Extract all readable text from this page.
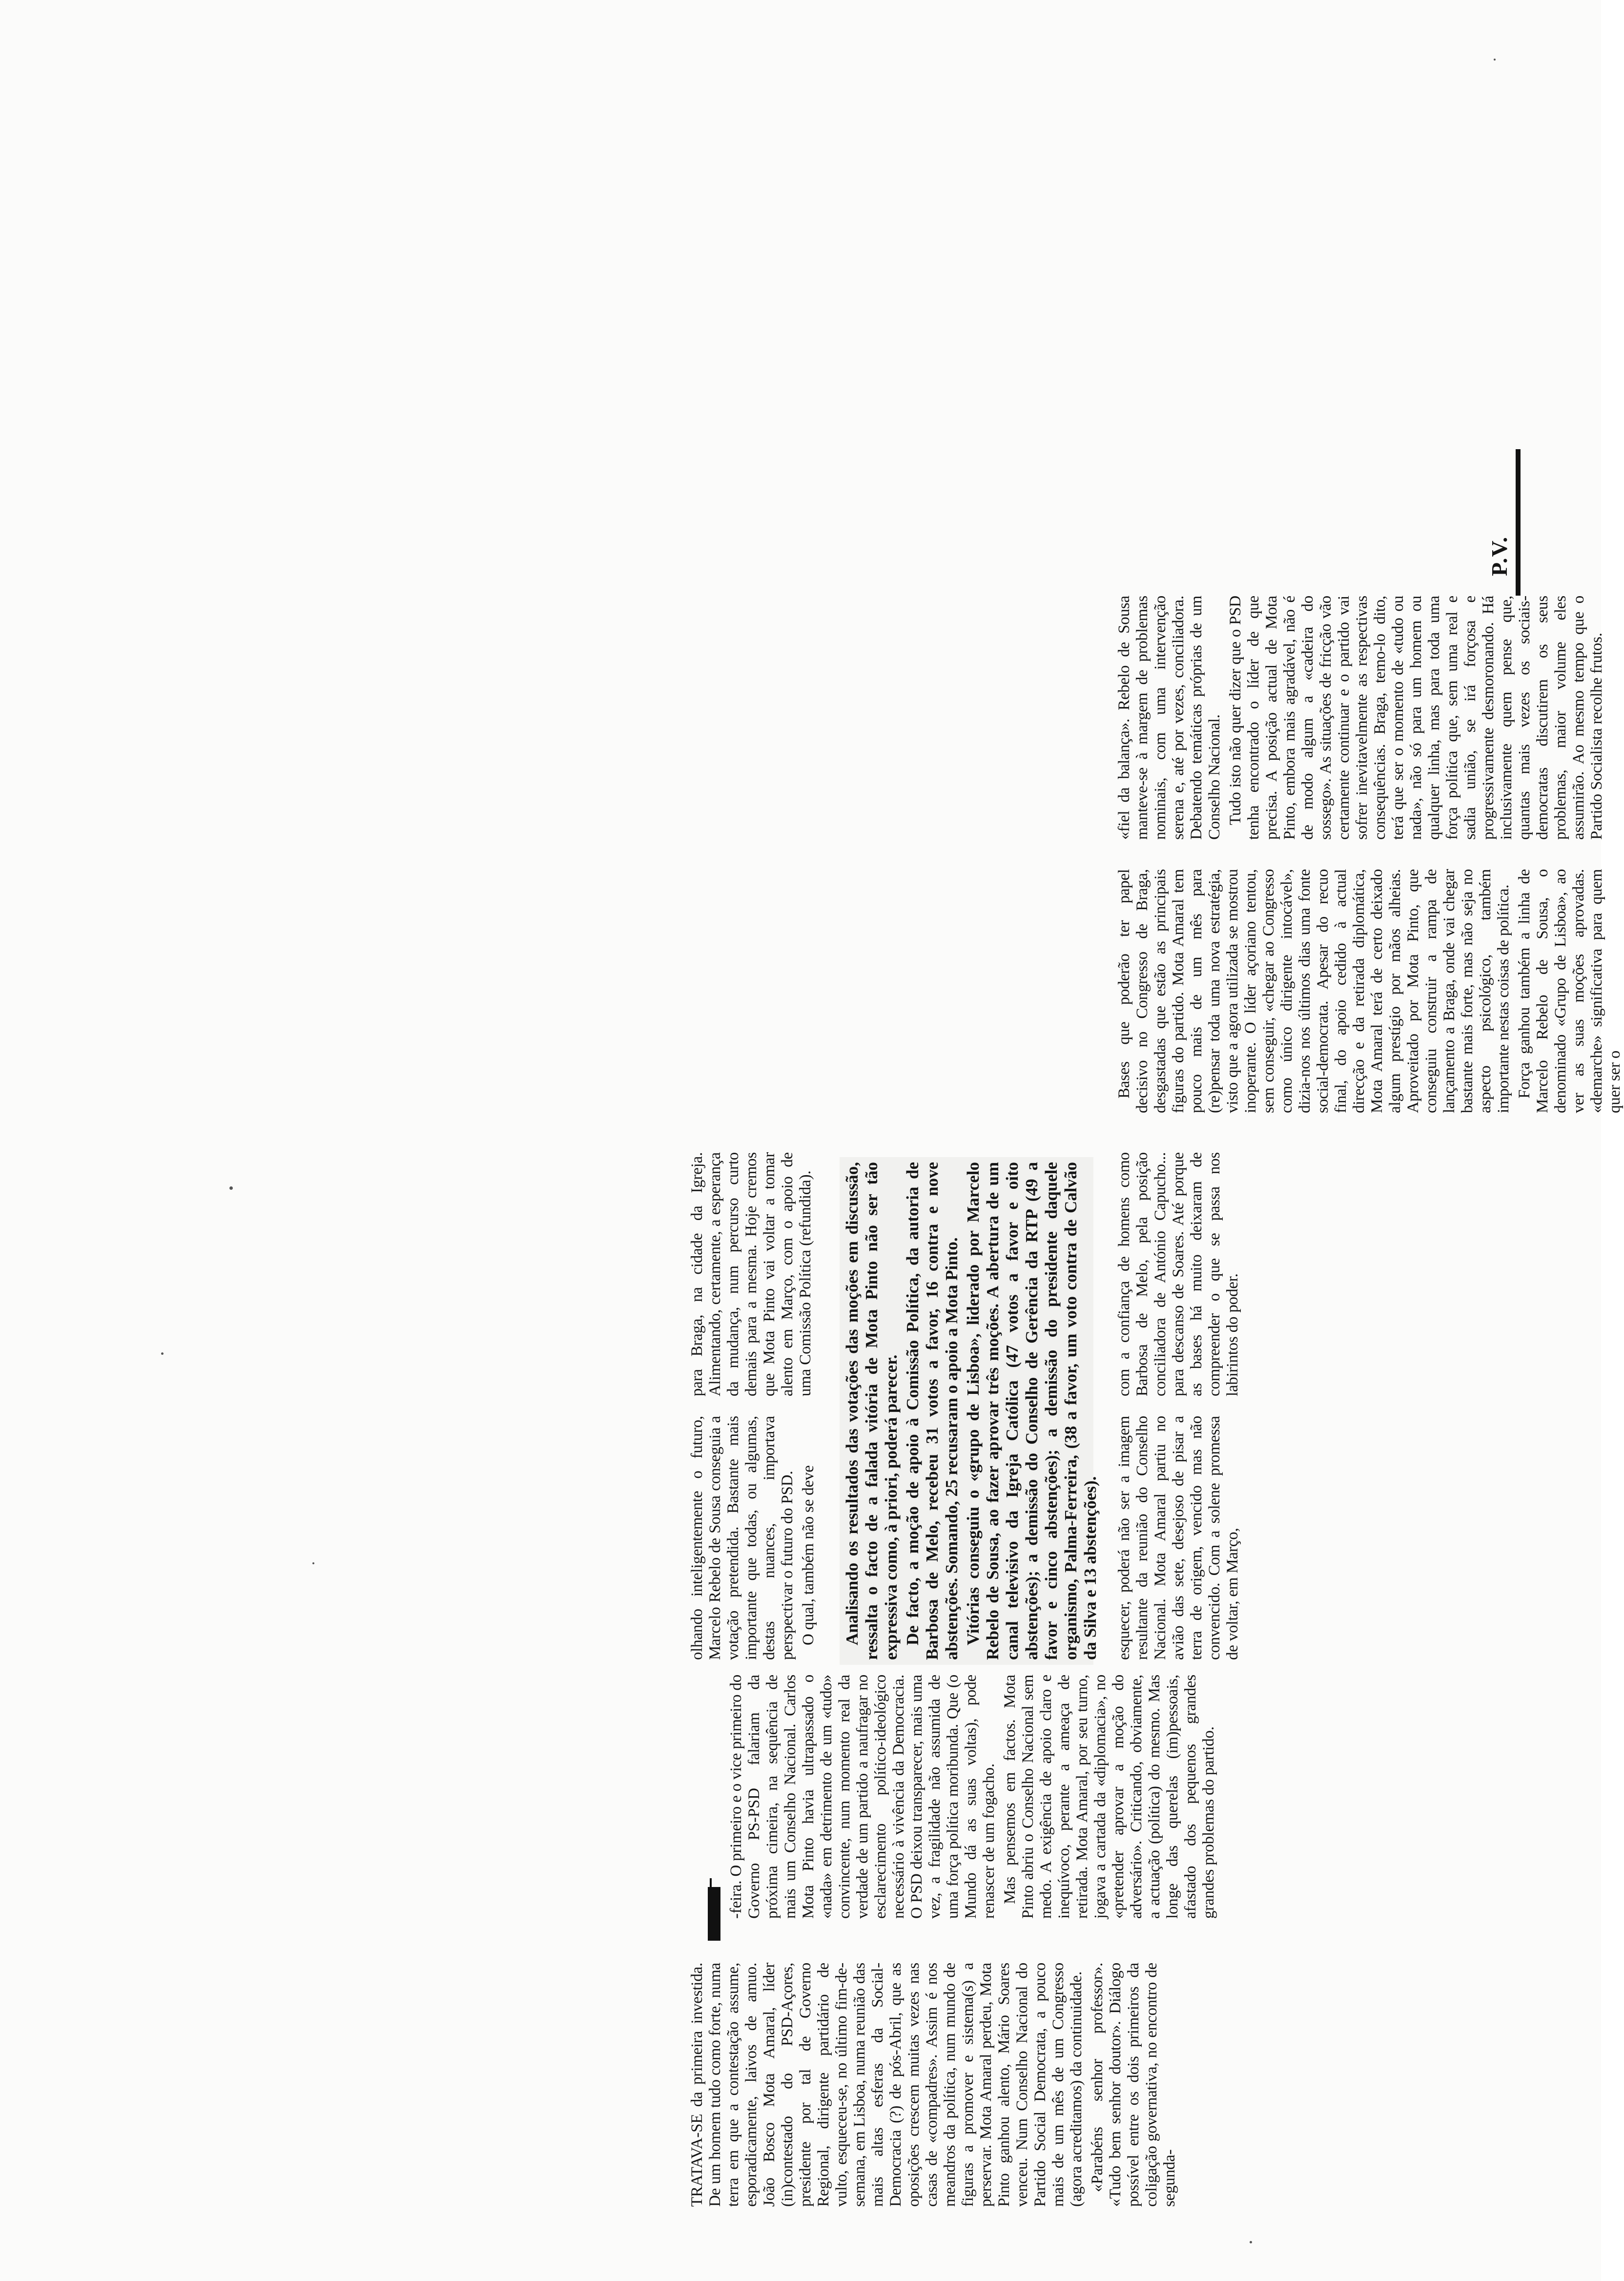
TRATAVA-SE da primeira investida. De um homem tudo como forte, numa terra em que a contestação assume, esporadicamente, laivos de amuo. João Bosco Mota Amaral, líder (in)contestado do PSD-Açores, presidente por tal de Governo Regional, dirigente partidário de vulto, esqueceu-se, no último fim-de-semana, em Lisboa, numa reunião das mais altas esferas da Social-Democracia (?) de pós-Abril, que as oposições crescem muitas vezes nas casas de «compadres». Assim é nos meandros da política, num mundo de figuras a promover e sistema(s) a perservar. Mota Amaral perdeu, Mota Pinto ganhou alento, Mário Soares venceu. Num Conselho Nacional do Partido Social Democrata, a pouco mais de um mês de um Congresso (agora acreditamos) da continuidade. «Parabéns senhor professor». «Tudo bem senhor doutor». Diálogo possível entre os dois primeiros da coligação governativa, no encontro de segunda-

-feira. O primeiro e o vice primeiro do Governo PS-PSD falariam da próxima cimeira, na sequência de mais um Conselho Nacional. Carlos Mota Pinto havia ultrapassado o «nada» em detrimento de um «tudo» convincente, num momento real da verdade de um partido a naufragar no esclarecimento político-ideológico necessário à vivência da Democracia. O PSD deixou transparecer, mais uma vez, a fragilidade não assumida de uma força política moribunda. Que (o Mundo dá as suas voltas), pode renascer de um fogacho. Mas pensemos em factos. Mota Pinto abriu o Conselho Nacional sem medo. A exigência de apoio claro e inequívoco, perante a ameaça de retirada. Mota Amaral, por seu turno, jogava a cartada da «diplomacia», no «pretender aprovar a moção do adversário». Criticando, obviamente, a actuação (política) do mesmo. Mas longe das querelas (im)pessoais, afastado dos pequenos grandes grandes problemas do partido.

olhando inteligentemente o futuro, Marcelo Rebelo de Sousa conseguia a votação pretendida. Bastante mais importante que todas, ou algumas, destas nuances, importava perspectivar o futuro do PSD. O qual, também não se deve

para Braga, na cidade da Igreja. Alimentando, certamente, a esperança da mudança, num percurso curto demais para a mesma. Hoje cremos que Mota Pinto vai voltar a tomar alento em Março, com o apoio de uma Comissão Política (refundida). Analisando os resultados das votações das moções em discussão, ressalta o facto de a falada vitória de Mota Pinto não ser tão expressiva como, à priori, poderá parecer. De facto, a moção de apoio à Comissão Política, da autoria de Barbosa de Melo, recebeu 31 votos a favor, 16 contra e nove abstenções. Somando, 25 recusaram o apoio a Mota Pinto. Vitórias conseguiu o «grupo de Lisboa», liderado por Marcelo Rebelo de Sousa, ao fazer aprovar três moções. A abertura de um canal televisivo da Igreja Católica (47 votos a favor e oito abstenções); a demissão do Conselho de Gerência da RTP (49 a favor e cinco abstenções); a demissão do presidente daquele organismo, Palma-Ferreira, (38 a favor, um voto contra de Calvão da Silva e 13 abstenções). esquecer, poderá não ser a imagem resultante da reunião do Conselho Nacional. Mota Amaral partiu no avião das sete, desejoso de pisar a terra de origem, vencido mas não convencido. Com a solene promessa de voltar, em Março,

com a confiança de homens como Barbosa de Melo, pela posição conciliadora de António Capucho... para descanso de Soares. Até porque as bases há muito deixaram de compreender o que se passa nos labirintos do poder.

Bases que poderão ter papel decisivo no Congresso de Braga, desgastadas que estão as principais figuras do partido. Mota Amaral tem pouco mais de um mês para (re)pensar toda uma nova estratégia, visto que a agora utilizada se mostrou inoperante. O líder açoriano tentou, sem conseguir, «chegar ao Congresso como único dirigente intocável», dizia-nos nos últimos dias uma fonte social-democrata. Apesar do recuo final, do apoio cedido à actual direcção e da retirada diplomática, Mota Amaral terá de certo deixado algum prestígio por mãos alheias. Aproveitado por Mota Pinto, que conseguiu construir a rampa de lançamento a Braga, onde vai chegar bastante mais forte, mas não seja no aspecto psicológico, também importante nestas coisas de política. Força ganhou também a linha de Marcelo Rebelo de Sousa, o denominado «Grupo de Lisboa», ao ver as suas moções aprovadas. «demarche» significativa para quem quer ser o

«fiel da balança». Rebelo de Sousa manteve-se à margem de problemas nominais, com uma intervenção serena e, até por vezes, conciliadora. Debatendo temáticas próprias de um Conselho Nacional. Tudo isto não quer dizer que o PSD tenha encontrado o líder de que precisa. A posição actual de Mota Pinto, embora mais agradável, não é de modo algum a «cadeira do sossego». As situações de fricção vão certamente continuar e o partido vai sofrer inevitavelmente as respectivas consequências. Braga, temo-lo dito, terá que ser o momento de «tudo ou nada», não só para um homem ou qualquer linha, mas para toda uma força política que, sem uma real e sadia união, se irá forçosa e progressivamente desmoronando. Há inclusivamente quem pense que, quantas mais vezes os sociais-democratas discutirem os seus problemas, maior volume eles assumirão. Ao mesmo tempo que o Partido Socialista recolhe frutos.

P.V.
